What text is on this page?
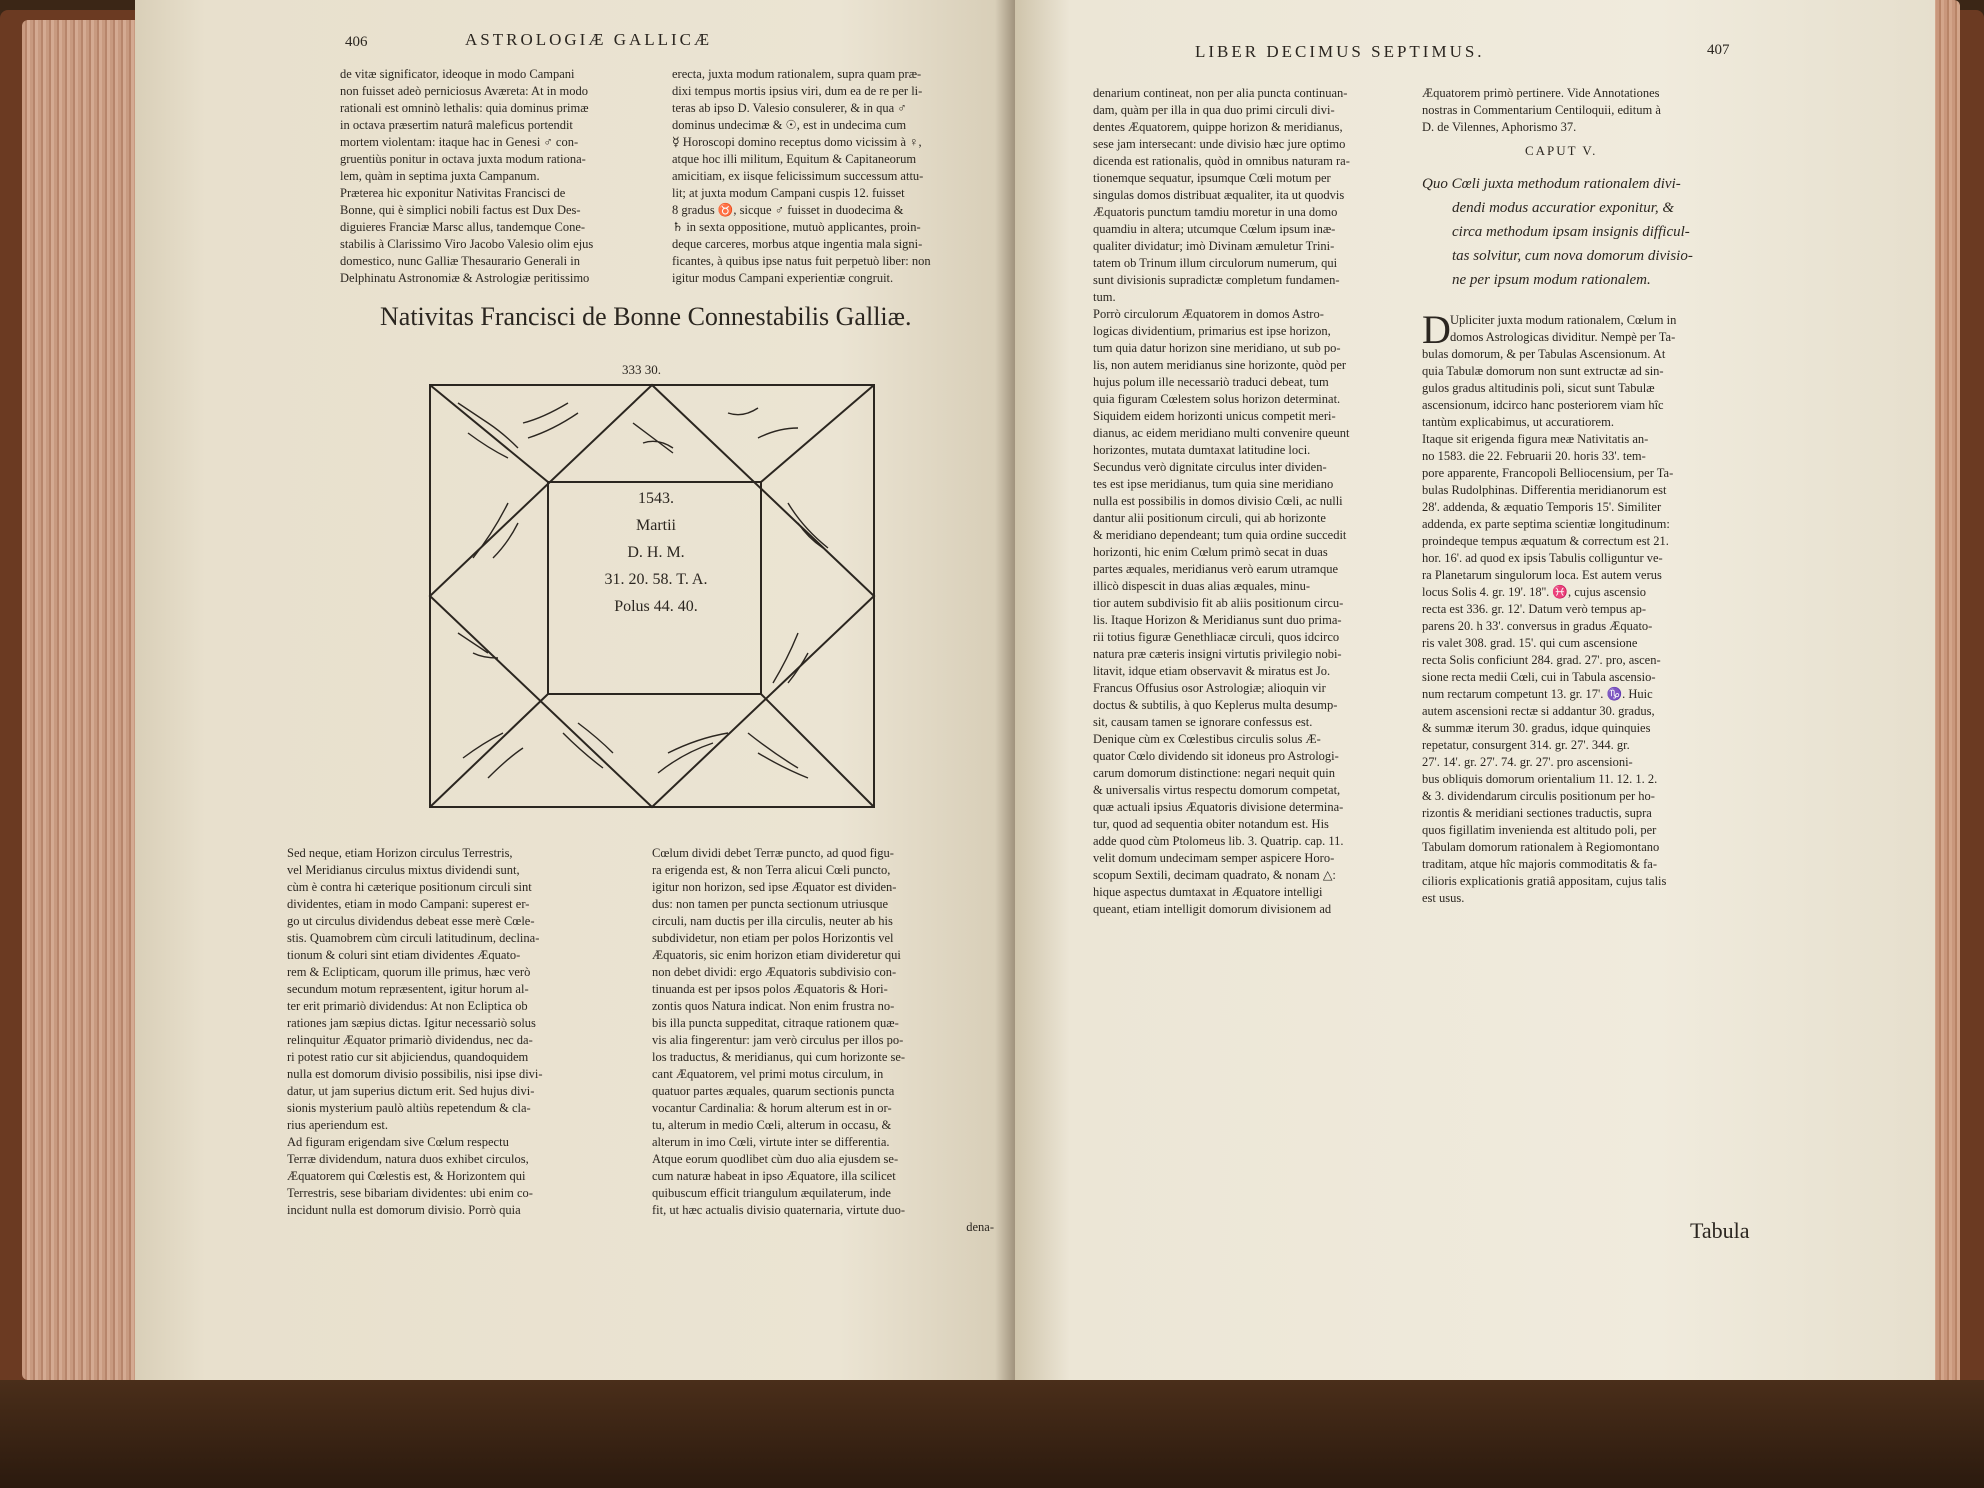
406	ASTROLOGIÆ GALLICÆ
de vitæ significator, ideoque in modo Campani
non fuisset adeò perniciosus Aværeta: At in modo
rationali est omninò lethalis: quia dominus primæ
in octava præsertim naturâ maleficus portendit
mortem violentam: itaque hac in Genesi ♂ con-
gruentiùs ponitur in octava juxta modum rationa-
lem, quàm in septima juxta Campanum.
Præterea hic exponitur Nativitas Francisci de
Bonne, qui è simplici nobili factus est Dux Des-
diguieres Franciæ Marsc allus, tandemque Cone-
stabilis à Clarissimo Viro Jacobo Valesio olim ejus
domestico, nunc Galliæ Thesaurario Generali in
Delphinatu Astronomiæ & Astrologiæ peritissimo
erecta, juxta modum rationalem, supra quam præ-
dixi tempus mortis ipsius viri, dum ea de re per li-
teras ab ipso D. Valesio consulerer, & in qua ♂
dominus undecimæ & ☉, est in undecima cum
☿ Horoscopi domino receptus domo vicissim à ♀,
atque hoc illi militum, Equitum & Capitaneorum
amicitiam, ex iisque felicissimum successum attu-
lit; at juxta modum Campani cuspis 12. fuisset
8 gradus ♉, sicque ♂ fuisset in duodecima &
♄ in sexta oppositione, mutuò applicantes, proin-
deque carceres, morbus atque ingentia mala signi-
ficantes, à quibus ipse natus fuit perpetuò liber: non
igitur modus Campani experientiæ congruit.
Nativitas Francisci de Bonne Connestabilis Galliæ.
333 30.
1543.
Martii
D. H. M.
31. 20. 58. T. A.
Polus 44. 40.
Sed neque, etiam Horizon circulus Terrestris,
vel Meridianus circulus mixtus dividendi sunt,
cùm è contra hi cæterique positionum circuli sint
dividentes, etiam in modo Campani: superest er-
go ut circulus dividendus debeat esse merè Cœle-
stis. Quamobrem cùm circuli latitudinum, declina-
tionum & coluri sint etiam dividentes Æquato-
rem & Eclipticam, quorum ille primus, hæc verò
secundum motum repræsentent, igitur horum al-
ter erit primariò dividendus: At non Ecliptica ob
rationes jam sæpius dictas. Igitur necessariò solus
relinquitur Æquator primariò dividendus, nec da-
ri potest ratio cur sit abjiciendus, quandoquidem
nulla est domorum divisio possibilis, nisi ipse divi-
datur, ut jam superius dictum erit. Sed hujus divi-
sionis mysterium paulò altiùs repetendum & cla-
rius aperiendum est.
Ad figuram erigendam sive Cœlum respectu
Terræ dividendum, natura duos exhibet circulos,
Æquatorem qui Cœlestis est, & Horizontem qui
Terrestris, sese bibariam dividentes: ubi enim co-
incidunt nulla est domorum divisio. Porrò quia
Cœlum dividi debet Terræ puncto, ad quod figu-
ra erigenda est, & non Terra alicui Cœli puncto,
igitur non horizon, sed ipse Æquator est dividen-
dus: non tamen per puncta sectionum utriusque
circuli, nam ductis per illa circulis, neuter ab his
subdividetur, non etiam per polos Horizontis vel
Æquatoris, sic enim horizon etiam divideretur qui
non debet dividi: ergo Æquatoris subdivisio con-
tinuanda est per ipsos polos Æquatoris & Hori-
zontis quos Natura indicat. Non enim frustra no-
bis illa puncta suppeditat, citraque rationem quæ-
vis alia fingerentur: jam verò circulus per illos po-
los traductus, & meridianus, qui cum horizonte se-
cant Æquatorem, vel primi motus circulum, in
quatuor partes æquales, quarum sectionis puncta
vocantur Cardinalia: & horum alterum est in or-
tu, alterum in medio Cœli, alterum in occasu, &
alterum in imo Cœli, virtute inter se differentia.
Atque eorum quodlibet cùm duo alia ejusdem se-
cum naturæ habeat in ipso Æquatore, illa scilicet
quibuscum efficit triangulum æquilaterum, inde
fit, ut hæc actualis divisio quaternaria, virtute duo-
dena-
LIBER DECIMUS SEPTIMUS.	407
denarium contineat, non per alia puncta continuan-
dam, quàm per illa in qua duo primi circuli divi-
dentes Æquatorem, quippe horizon & meridianus,
sese jam intersecant: unde divisio hæc jure optimo
dicenda est rationalis, quòd in omnibus naturam ra-
tionemque sequatur, ipsumque Cœli motum per
singulas domos distribuat æqualiter, ita ut quodvis
Æquatoris punctum tamdiu moretur in una domo
quamdiu in altera; utcumque Cœlum ipsum inæ-
qualiter dividatur; imò Divinam æmuletur Trini-
tatem ob Trinum illum circulorum numerum, qui
sunt divisionis supradictæ completum fundamen-
tum.
Porrò circulorum Æquatorem in domos Astro-
logicas dividentium, primarius est ipse horizon,
tum quia datur horizon sine meridiano, ut sub po-
lis, non autem meridianus sine horizonte, quòd per
hujus polum ille necessariò traduci debeat, tum
quia figuram Cœlestem solus horizon determinat.
Siquidem eidem horizonti unicus competit meri-
dianus, ac eidem meridiano multi convenire queunt
horizontes, mutata dumtaxat latitudine loci.
Secundus verò dignitate circulus inter dividen-
tes est ipse meridianus, tum quia sine meridiano
nulla est possibilis in domos divisio Cœli, ac nulli
dantur alii positionum circuli, qui ab horizonte
& meridiano dependeant; tum quia ordine succedit
horizonti, hic enim Cœlum primò secat in duas
partes æquales, meridianus verò earum utramque
illicò dispescit in duas alias æquales, minu-
tior autem subdivisio fit ab aliis positionum circu-
lis. Itaque Horizon & Meridianus sunt duo prima-
rii totius figuræ Genethliacæ circuli, quos idcirco
natura præ cæteris insigni virtutis privilegio nobi-
litavit, idque etiam observavit & miratus est Jo.
Francus Offusius osor Astrologiæ; alioquin vir
doctus & subtilis, à quo Keplerus multa desump-
sit, causam tamen se ignorare confessus est.
Denique cùm ex Cœlestibus circulis solus Æ-
quator Cœlo dividendo sit idoneus pro Astrologi-
carum domorum distinctione: negari nequit quin
& universalis virtus respectu domorum competat,
quæ actuali ipsius Æquatoris divisione determina-
tur, quod ad sequentia obiter notandum est. His
adde quod cùm Ptolomeus lib. 3. Quatrip. cap. 11.
velit domum undecimam semper aspicere Horo-
scopum Sextili, decimam quadrato, & nonam △:
hique aspectus dumtaxat in Æquatore intelligi
queant, etiam intelligit domorum divisionem ad
Æquatorem primò pertinere. Vide Annotationes
nostras in Commentarium Centiloquii, editum à
D. de Vilennes, Aphorismo 37.
CAPUT V.
Quo Cœli juxta methodum rationalem divi-
dendi modus accuratior exponitur, &
circa methodum ipsam insignis difficul-
tas solvitur, cum nova domorum divisio-
ne per ipsum modum rationalem.
D Upliciter juxta modum rationalem, Cœlum in
domos Astrologicas dividitur. Nempè per Ta-
bulas domorum, & per Tabulas Ascensionum. At
quia Tabulæ domorum non sunt extructæ ad sin-
gulos gradus altitudinis poli, sicut sunt Tabulæ
ascensionum, idcirco hanc posteriorem viam hîc
tantùm explicabimus, ut accuratiorem.
Itaque sit erigenda figura meæ Nativitatis an-
no 1583. die 22. Februarii 20. horis 33'. tem-
pore apparente, Francopoli Belliocensium, per Ta-
bulas Rudolphinas. Differentia meridianorum est
28'. addenda, & æquatio Temporis 15'. Similiter
addenda, ex parte septima scientiæ longitudinum:
proindeque tempus æquatum & correctum est 21.
hor. 16'. ad quod ex ipsis Tabulis colliguntur ve-
ra Planetarum singulorum loca. Est autem verus
locus Solis 4. gr. 19'. 18''. ♓, cujus ascensio
recta est 336. gr. 12'. Datum verò tempus ap-
parens 20. h 33'. conversus in gradus Æquato-
ris valet 308. grad. 15'. qui cum ascensione
recta Solis conficiunt 284. grad. 27'. pro, ascen-
sione recta medii Cœli, cui in Tabula ascensio-
num rectarum competunt 13. gr. 17'. ♑. Huic
autem ascensioni rectæ si addantur 30. gradus,
& summæ iterum 30. gradus, idque quinquies
repetatur, consurgent 314. gr. 27'. 344. gr.
27'. 14'. gr. 27'. 74. gr. 27'. pro ascensioni-
bus obliquis domorum orientalium 11. 12. 1. 2.
& 3. dividendarum circulis positionum per ho-
rizontis & meridiani sectiones traductis, supra
quos figillatim invenienda est altitudo poli, per
Tabulam domorum rationalem à Regiomontano
traditam, atque hîc majoris commoditatis & fa-
cilioris explicationis gratiâ appositam, cujus talis
est usus.
Tabula
